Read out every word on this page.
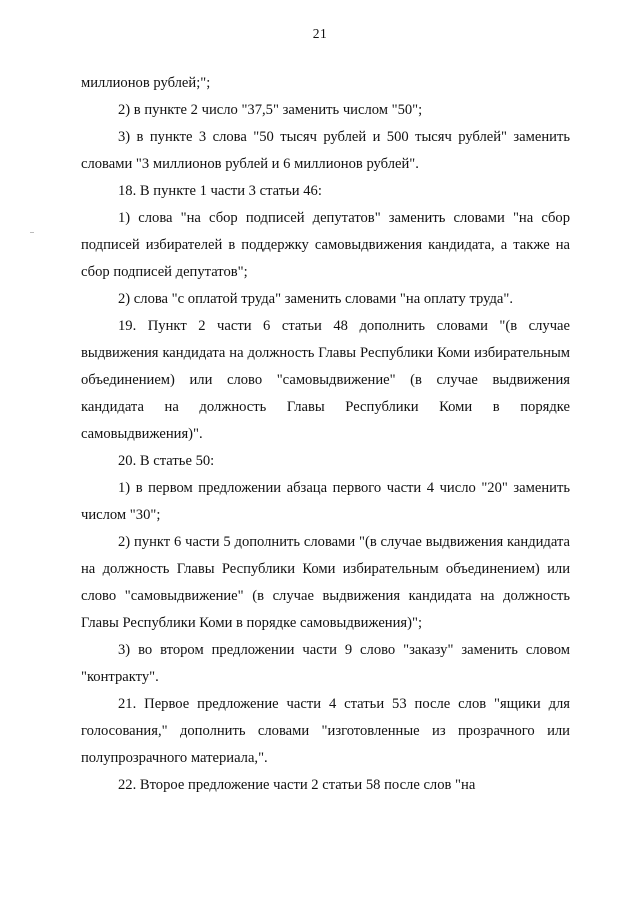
21

миллионов рублей;";

2) в пункте 2 число "37,5" заменить числом "50";

3) в пункте 3 слова "50 тысяч рублей и 500 тысяч рублей" заменить словами "3 миллионов рублей и 6 миллионов рублей".

18. В пункте 1 части 3 статьи 46:

1) слова "на сбор подписей депутатов" заменить словами "на сбор подписей избирателей в поддержку самовыдвижения кандидата, а также на сбор подписей депутатов";

2) слова "с оплатой труда" заменить словами "на оплату труда".

19. Пункт 2 части 6 статьи 48 дополнить словами "(в случае выдвижения кандидата на должность Главы Республики Коми избирательным объединением) или слово "самовыдвижение" (в случае выдвижения кандидата на должность Главы Республики Коми в порядке самовыдвижения)".

20. В статье 50:

1) в первом предложении абзаца первого части 4 число "20" заменить числом "30";

2) пункт 6 части 5 дополнить словами "(в случае выдвижения кандидата на должность Главы Республики Коми избирательным объединением) или слово "самовыдвижение" (в случае выдвижения кандидата на должность Главы Республики Коми в порядке самовыдвижения)";

3) во втором предложении части 9 слово "заказу" заменить словом "контракту".

21. Первое предложение части 4 статьи 53 после слов "ящики для голосования," дополнить словами "изготовленные из прозрачного или полупрозрачного материала,".

22. Второе предложение части 2 статьи 58 после слов "на
